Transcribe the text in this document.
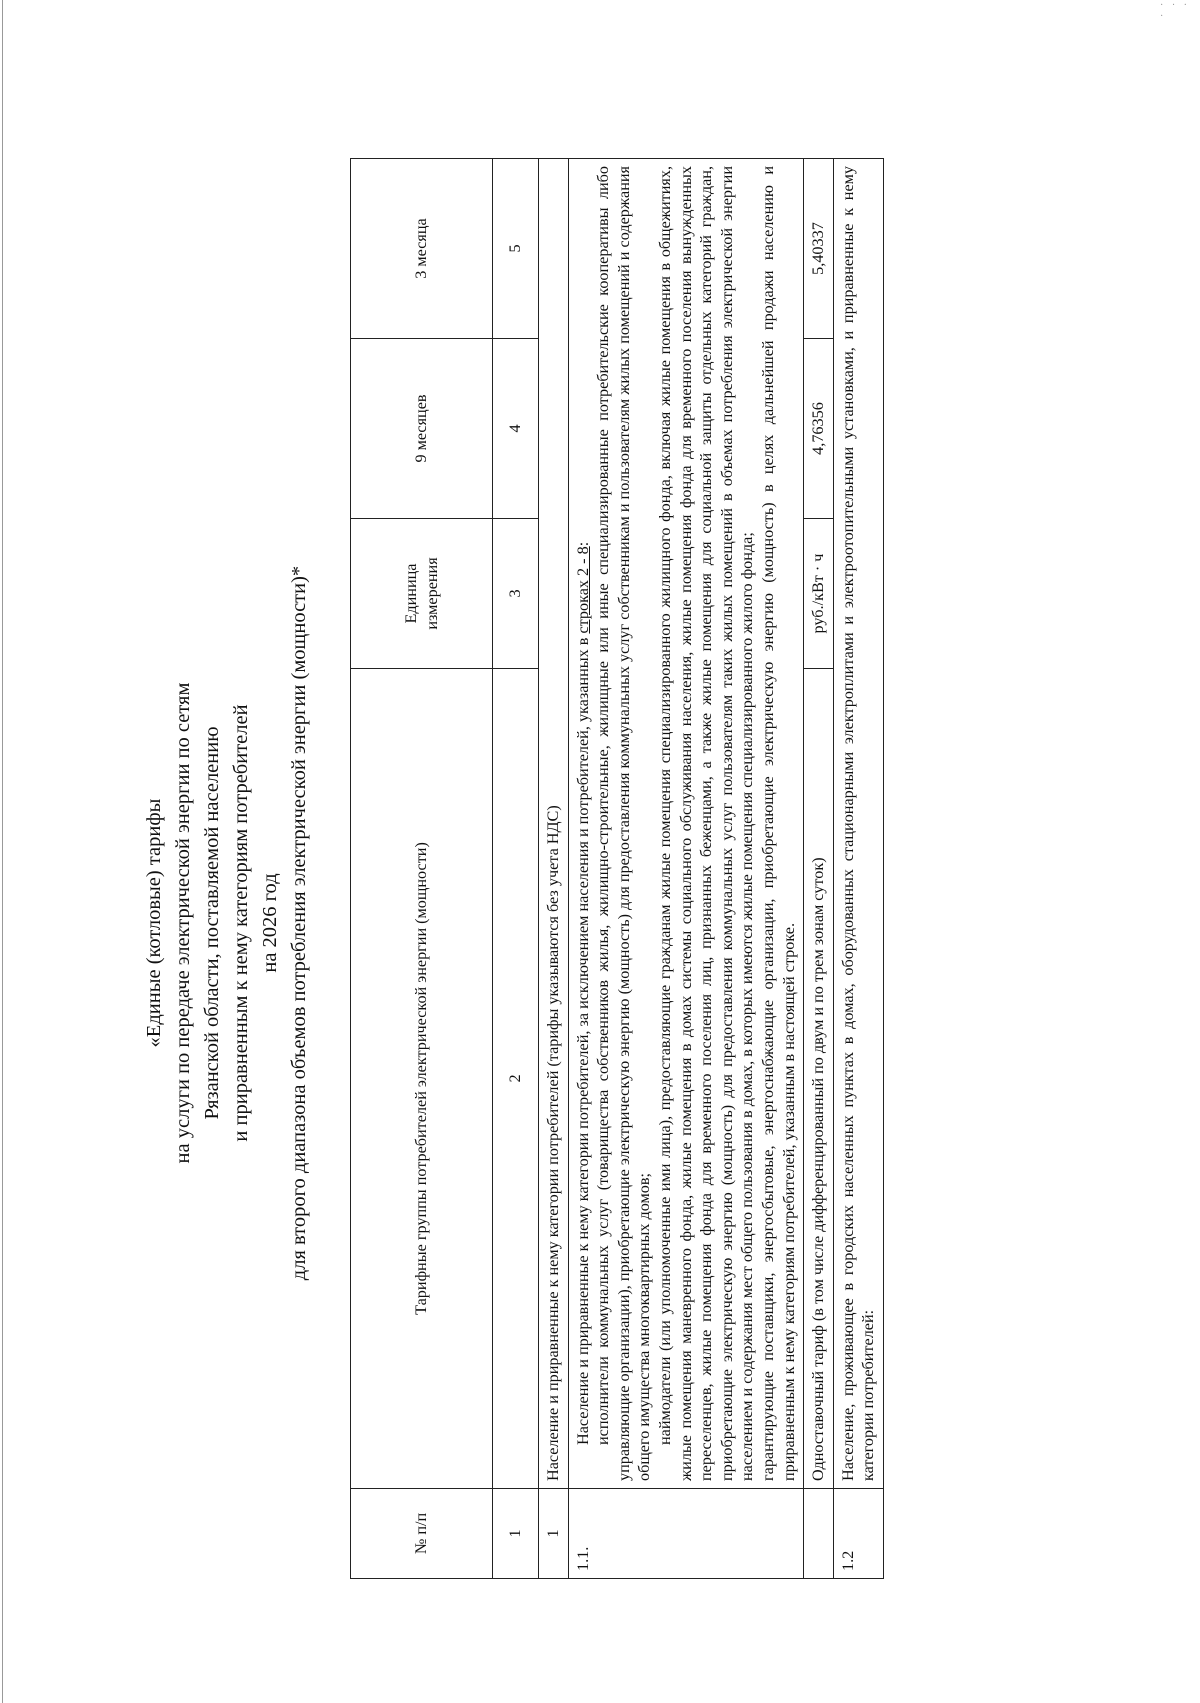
· · · ·
«Единые (котловые) тарифы на услуги по передаче электрической энергии по сетям Рязанской области, поставляемой населению и приравненным к нему категориям потребителей на 2026 год для второго диапазона объемов потребления электрической энергии (мощности)*
№ п/п	Тарифные группы потребителей электрической энергии (мощности)	Единица измерения	9 месяцев	3 месяца
1	2	3	4	5
1	Население и приравненные к нему категории потребителей (тарифы указываются без учета НДС)			
1.1.	Население и приравненные к нему категории потребителей, за исключением населения и потребителей, указанных в строках 2 - 8: исполнители коммунальных услуг (товарищества собственников жилья, жилищно-строительные, жилищные или иные специализированные потребительские кооперативы либо управляющие организации), приобретающие электрическую энергию (мощность) для предоставления коммунальных услуг собственникам и пользователям жилых помещений и содержания общего имущества многоквартирных домов; наймодатели (или уполномоченные ими лица), предоставляющие гражданам жилые помещения специализированного жилищного фонда, включая жилые помещения в общежитиях, жилые помещения маневренного фонда, жилые помещения в домах системы социального обслуживания населения, жилые помещения фонда для временного поселения вынужденных переселенцев, жилые помещения фонда для временного поселения лиц, признанных беженцами, а также жилые помещения для социальной защиты отдельных категорий граждан, приобретающие электрическую энергию (мощность) для предоставления коммунальных услуг пользователям таких жилых помещений в объемах потребления электрической энергии населением и содержания мест общего пользования в домах, в которых имеются жилые помещения специализированного жилого фонда; гарантирующие поставщики, энергосбытовые, энергоснабжающие организации, приобретающие электрическую энергию (мощность) в целях дальнейшей продажи населению и приравненным к нему категориям потребителей, указанным в настоящей строке.			

	Одноставочный тариф (в том числе дифференцированный по двум и по трем зонам суток)	руб./кВт · ч	4,76356	5,40337
1.2	Население, проживающее в городских населенных пунктах в домах, оборудованных стационарными электроплитами и электроотопительными установками, и приравненные к нему категории потребителей:			
